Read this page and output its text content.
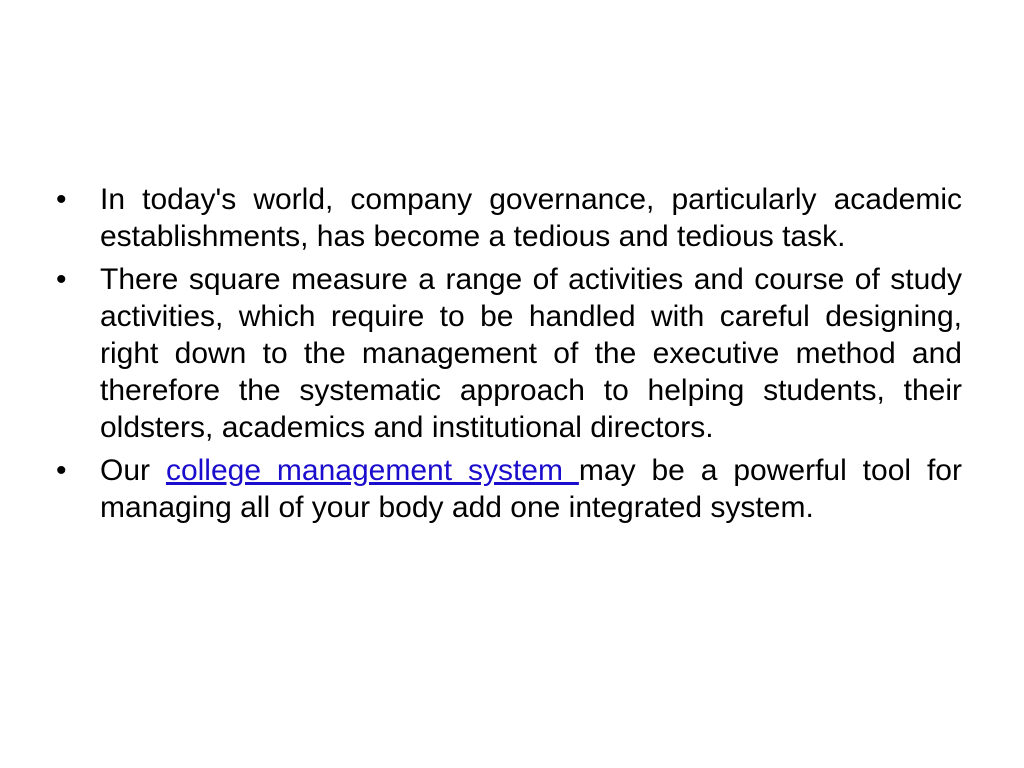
•	In today's world, company governance, particularly academic establishments, has become a tedious and tedious task.
•	There square measure a range of activities and course of study activities, which require to be handled with careful designing, right down to the management of the executive method and therefore the systematic approach to helping students, their oldsters, academics and institutional directors.
•	Our college management system may be a powerful tool for managing all of your body add one integrated system.
